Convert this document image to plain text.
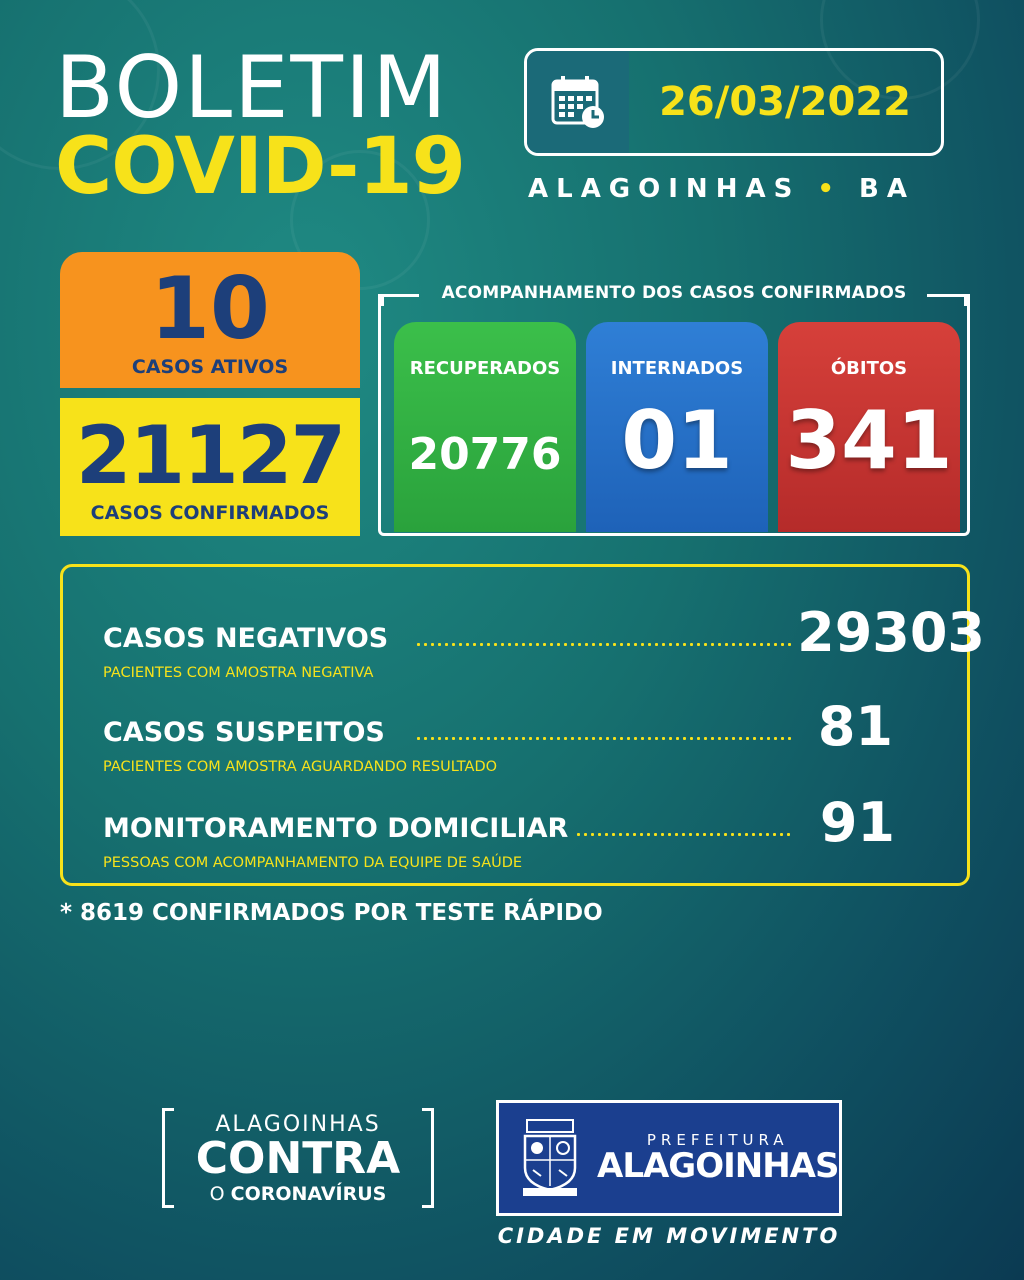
BOLETIM
COVID-19
26/03/2022
ALAGOINHAS • BA
10
CASOS ATIVOS
21127
CASOS CONFIRMADOS
ACOMPANHAMENTO DOS CASOS CONFIRMADOS
RECUPERADOS
20776
INTERNADOS
01
ÓBITOS
341
CASOS NEGATIVOS
PACIENTES COM AMOSTRA NEGATIVA
29303
CASOS SUSPEITOS
PACIENTES COM AMOSTRA AGUARDANDO RESULTADO
81
MONITORAMENTO DOMICILIAR
PESSOAS COM ACOMPANHAMENTO DA EQUIPE DE SAÚDE
91
* 8619 CONFIRMADOS POR TESTE RÁPIDO
ALAGOINHAS
CONTRA
O CORONAVÍRUS
PREFEITURA
ALAGOINHAS
CIDADE EM MOVIMENTO
